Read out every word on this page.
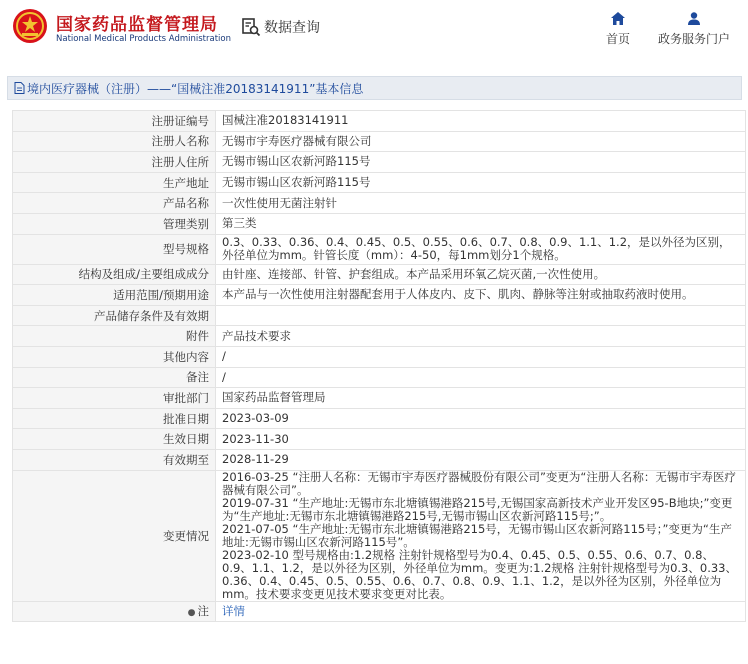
国家药品监督管理局
National Medical Products Administration
数据查询
首页 政务服务门户
境内医疗器械（注册）——“国械注准20183141911”基本信息
注册证编号	国械注准20183141911
注册人名称	无锡市宇寿医疗器械有限公司
注册人住所	无锡市锡山区农新河路115号
生产地址	无锡市锡山区农新河路115号
产品名称	一次性使用无菌注射针
管理类别	第三类
型号规格	0.3、0.33、0.36、0.4、0.45、0.5、0.55、0.6、0.7、0.8、0.9、1.1、1.2，是以外径为区别，外径单位为mm。针管长度（mm）：4-50，每1mm划分1个规格。
结构及组成/主要组成成分	由针座、连接部、针管、护套组成。本产品采用环氧乙烷灭菌,一次性使用。
适用范围/预期用途	本产品与一次性使用注射器配套用于人体皮内、皮下、肌肉、静脉等注射或抽取药液时使用。
产品储存条件及有效期	
附件	产品技术要求
其他内容	/
备注	/
审批部门	国家药品监督管理局
批准日期	2023-03-09
生效日期	2023-11-30
有效期至	2028-11-29
变更情况	2016-03-25 “注册人名称：无锡市宇寿医疗器械股份有限公司”变更为“注册人名称：无锡市宇寿医疗器械有限公司”。
2019-07-31 “生产地址:无锡市东北塘镇锡港路215号,无锡国家高新技术产业开发区95-B地块;”变更为“生产地址:无锡市东北塘镇锡港路215号,无锡市锡山区农新河路115号;”。
2021-07-05 “生产地址:无锡市东北塘镇锡港路215号，无锡市锡山区农新河路115号；”变更为“生产地址:无锡市锡山区农新河路115号”。
2023-02-10 型号规格由:1.2规格 注射针规格型号为0.4、0.45、0.5、0.55、0.6、0.7、0.8、0.9、1.1、1.2，是以外径为区别，外径单位为mm。变更为:1.2规格 注射针规格型号为0.3、0.33、0.36、0.4、0.45、0.5、0.55、0.6、0.7、0.8、0.9、1.1、1.2，是以外径为区别，外径单位为mm。技术要求变更见技术要求变更对比表。

● 注	详情
